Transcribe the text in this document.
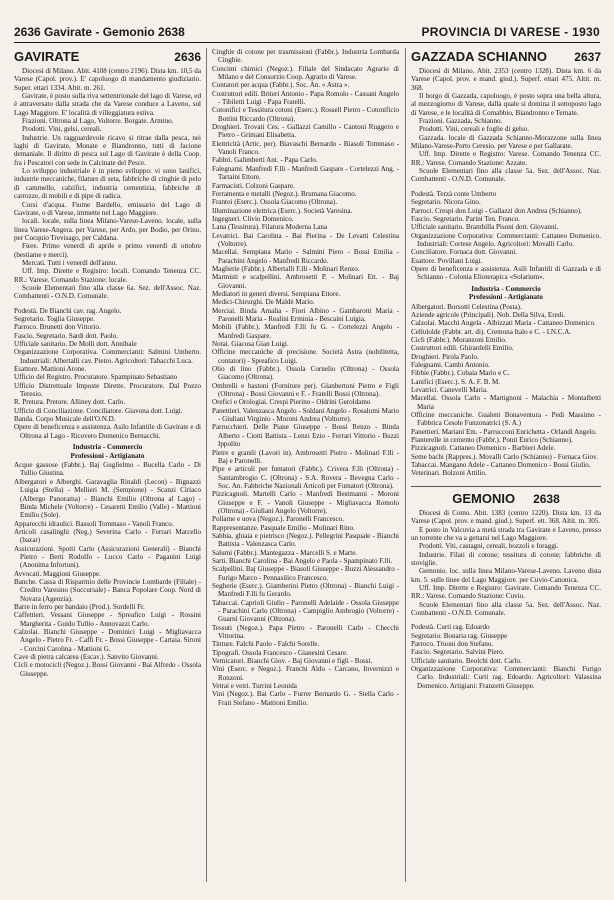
2636 Gavirate - Gemonio 2638	PROVINCIA DI VARESE - 1930
GAVIRATE	2636

Diocesi di Milano. Abit. 4108 (centro 2196). Dista km. 10,5 da Varese (Capol. prov.). E' capoluogo di mandamento giudiziario. Super. ettari 1334. Altit. m. 261.

Gavirate, è posto sulla riva settentrionale del lago di Varese, ed è attraversato dalla strada che da Varese conduce a Laveno, sul Lago Maggiore. E' località di villeggiatura estiva.

Frazioni. Oltrona al Lago, Voltorre. Borgate. Armino.

Prodotti. Vini, gelsi, cereali.

Industrie. Un ragguardevole ricavo si ritrae dalla pesca, nei laghi di Gavirate, Monate e Biandronno, tutti di facione demaniale. Il diritto di pesca sul Lago di Gavirate è della Coop. fra i Pescatori con sede in Calcinate del Pesce.

Lo sviluppo industriale è in pieno sviluppo: vi sono lanifici, industrie meccaniche, filature di seta, fabbriche di cinghie di pelo di cammello, calzifici, industria cementizia, fabbriche di carrozze, di mobili e di pipe di radica.

Corsi d'acqua. Fiume Bardello, emissario del Lago di Gavirate, o di Varese, immette nel Lago Maggiore.

locali. locale, sulla linea Milano-Varese-Laveno. locale, sulla linea Varese-Angera. per Varese, per Ardo, per Bodio, per Orino, per Cocquio Trevisago, per Caldana.

Fiere. Primo venerdì di aprile e primo venerdì di ottobre (bestiame e merci).

Mercati. Tutti i venerdì dell'anno.

Uff. Imp. Dirette e Registro: locali. Comando Tenenza CC. RR.: Varese. Comando Stazione: locale.

Scuole Elementari fino alla classe 6a. Sez. dell'Assoc. Naz. Combattenti - O.N.D. Comunale.

Podestà. De Bianchi cav. rag. Angelo.

Segretario. Toglia Giuseppe.

Parroco. Brunetti don Vittorio.

Fascio. Segretario. Sardi dott. Paolo.

Ufficiale sanitario. De Molli dott. Annibale

Organizzazione Corporativa. Commercianti: Salmini Umberto. Industriali: Albertalli cav. Pietro. Agricoltori: Tabacchi Luca.

Esattore. Mattioni Arone.

Ufficio del Registro. Procuratore. Spampinato Sebastiano

Ufficio Distrettuale Imposte Dirette. Procuratore. Dal Pozzo Teresio.

R. Pretura. Pretore. Alliney dott. Carlo.

Ufficio di Conciliazione. Conciliatore. Giavona dott. Luigi.

Banda. Corpo Musicale dell'O.N.D.

Opere di beneficenza e assistenza. Asilo Infantile di Gavirate e di Oltrona al Lago - Ricovero Domenico Bernacchi.

Industria - Commercio
Professioni - Artigianato

Acque gassose (Fabbr.). Baj Guglielmo - Bucella Carlo - Di Tullio Giustina.

Albergatori e Alberghi. Garavaglia Rinaldi (Lecon) - Bignazzi Luigia (Stella) - Mellieri M. (Sempione) - Scanzi Ciriaco (Albergo Panorama) - Bianchi Emilio (Oltrona al Lago) - Binda Michele (Voltorre) - Cesaretti Emilio (Valle) - Mattioni Emilio (Sole).

Apparecchi idraulici. Bassoli Tommaso - Vanoli Franco.

Articoli casalinghi (Neg.) Severina Carlo - Ferrari Marcello (bazar)

Assicurazioni. Spotti Carlo (Assicurazioni Generali) - Bianchi Pietro - Berti Rodolfo - Lucco Carlo - Paganini Luigi (Anonima Infortuni).

Avvocati. Maggioni Giuseppe.

Banche. Cassa di Risparmio delle Provincie Lombarde (Filiale) - Credito Varesino (Succursale) - Banca Popolare Coop. Nord di Novara (Agenzia).

Barre in ferro per bandaio (Prod.). Sordelli Fr.

Caffettieri. Vessani Giuseppe - Spreafico Luigi - Rossini Margherita - Guido Tullio - Annovazzi Carlo.

Calzolai. Bianchi Giuseppe - Dominici Luigi - Migliavacca Angelo - Pietro Fr. - Caffi Fr. - Bossi Giuseppe - Cartaia. Sironi - Corcini Carolina - Mattioni G.

Cave di pietra calcarea (Escav.). Sanvito Giovanni.

Cicli e motocicli (Negoz.). Bossi Giovanni - Bai Alfredo - Ossola Giuseppe.

Cinghie di cotone per trasmissioni (Fabbr.). Industria Lombarda Cinghie.

Concimi chimici (Negoz.). Filiale del Sindacato Agrario di Milano e del Consorzio Coop. Agrario di Varese.

Contatori per acqua (Fabbr.). Soc. An. « Astra ».

Costruttori edili. Briteri Antonio - Papa Romolo - Cassani Angelo - Tibiletti Luigi - Papa Fratelli.

Cotonifici e Tessitura cotoni (Eserc.). Rossell Pietro - Cotonificio Bottini Riccardo (Oltrona).

Droghieri. Trovati Ces. - Gallazzi Camillo - Cantoni Ruggero e Pietro - Grimani Elisabetta.

Elettricità (Artic. per). Biavaschi Bernardo - Biasoli Tommaso - Vanoli Franco.

Fabbri. Galimberti Ant. - Papa Carlo.

Falegnami. Manfredi F.lli - Manfredi Gaspare - Cortelezzi Ang. - Tartaini Ettore.

Farmacisti. Colzoni Gaspare.

Ferramenta e metalli (Negoz.). Brumana Giacomo.

Frantoi (Eserc.). Ossola Giacomo (Oltrona).

Illuminazione elettrica (Eserc.). Società Varesina.

Ingegneri. Clivio Domenico.

Lana (Tessitura). Filatura Moderna Lana

Levatrici. Bai Carolina - Bai Pierina - De Levatti Celestina (Voltorre).

Macellai. Sempiana Mario - Salmini Piero - Bossi Emilia - Parachini Angelo - Manfredi Riccardo.

Maglierie (Fabbr.). Albertalli F.lli - Molinari Renzo.

Marmisti e scalpellini. Ambrosetti P. - Molinari Ett. - Baj Giovanni.

Mediatori in generi diversi. Sempiana Ettore.

Medici-Chirurghi. De Maldè Mario.

Merciai. Binda Amalia - Fiori Albino - Gambarotti Maria - Paronelli Maria - Realini Erminia - Bescaini Luigia.

Mobili (Fabbr.). Manfredi F.lli fu G. - Cortelezzi Angelo - Manfredi Gaspare.

Notai. Giacosa Gian Luigi.

Officine meccaniche di precisione. Società Astra (nobilitetta, contatori) - Spreafico Luigi.

Olio di lino (Fabbr.). Ossola Cornelio (Oltrona) - Ossola Giacomo (Oltrona).

Ombrelli e bastoni (Forniture per). Gianbertoni Pietro e Figli (Oltrona) - Bossi Giovanni e F. - Fratelli Bossi (Oltrona).

Orefici e Orologiai. Crespi Pierino - Oldrini Geroldamo

Panettieri. Valenzasca Angelo - Soldani Angelo - Rosalumi Mario - Giuliani Virginio - Moroni Andrea (Voltorre).

Parrucchieri. Delle Piane Giuseppe - Bossi Renzo - Binda Alberto - Ciotti Battista - Lenzi Ezio - Ferrari Vittorio - Buzzi Ippolito

Pietre e granili (Lavori in). Ambrosetti Pietro - Molinari F.lli - Baj e Paronelli.

Pipe e articoli per fumatori (Fabbr.). Crivera F.lli (Oltrona) - Santambrogio C. (Oltrona) - S.A. Rovera - Bevegna Carlo - Soc. An. Fabbriche Nazionali Articoli per Fumatori (Oltrona).

Pizzicagnoli. Martelli Carlo - Manfredi Bestmanni - Moroni Giuseppe e F. - Vanoli Giuseppe - Migliavacca Romolo (Oltrona) - Giuliani Angelo (Voltorre).

Pollame e uova (Negoz.). Paronelli Francesco.

Rappresentanze. Pasquale Emilio - Molinari Rino.

Sabbia, ghiaia e pietrisco (Negoz.). Pellegrini Pasquale - Bianchi Battista - Valenzasca Carlo.

Salumi (Fabbr.). Mantegazza - Marcelli S. e Marte.

Sarti. Bianchi Carolina - Bai Angelo e Paola - Spampinato F.lli.

Scalpellini. Baj Giuseppe - Biasoli Giuseppe - Buzzi Alessandro - Furigo Marco - Pennasilico Francesco.

Segherie (Eserc.). Giamberini Pietro (Oltrona) - Bianchi Luigi - Manfredi F.lli fu Gerardo.

Tabaccai. Caprioli Giulio - Paronelli Adelaide - Ossola Giuseppe - Parachini Carlo (Oltrona) - Campiglio Ambrogio (Voltorre) - Guarnì Giovanni (Oltrona).

Tessuti (Negoz.). Papa Pietro - Paronelli Carlo - Checchi Vittorina.

Tinture. Falchi Paolo - Falchi Sorelle.

Tipografi. Ossola Francesco - Gianesini Cesare.

Vernicatori. Bianchi Giov. - Baj Giovanni e figli - Bossi.

Vini (Eserc. e Negoz.). Franchi Aldo - Carcano, Invernizzi e Ronzoni.

Vetrai e vetri. Turrini Leonida

Vini (Negoz.). Bai Carlo - Furrer Bernardo G. - Stella Carlo - Frati Stefano - Mattioni Emilio.

GAZZADA SCHIANNO 2637

Diocesi di Milano. Abit. 2353 (centro 1328). Dista km. 6 da Varese (Capol. prov. e mand. giud.). Superf. ettari 475. Altit. m. 368.

Il borgo di Gazzada, capoluogo, è posto sopra una bella altura, al mezzogiorno di Varese, dalla quale si domina il sottoposto lago di Varese, e le località di Comabbio, Biandronno e Ternate.

Frazioni. Gazzada, Schianno.

Prodotti. Vini, cereali e foglie di gelso.

Gazzada. locale di Gazzada Schianno-Morazzone sulla linea Milano-Varese-Porto Ceresio. per Varese e per Gallarate.

Uff. Imp. Dirette e Registro: Varese. Comando Tenenza CC. RR.: Varese. Comando Stazione: Azzate.

Scuole Elementari fino alla classe 5a. Sez. dell'Assoc. Naz. Combattenti - O.N.D. Comunale.

Podestà. Terzà conte Umberto

Segretario. Nicora Gino.

Parroci. Crespi don Luigi - Gallazzi don Andrea (Schianno).

Fascio. Segretario. Parini Ten. Franco.

Ufficiale sanitario. Brambilla Pisoni dott. Giovanni.

Organizzazione Corporativa: Commercianti: Cattaneo Domenico. Industriali: Cortese Angelo. Agricoltori: Movalli Carlo.

Conciliatore. Fornaca dott. Giovanni.

Esattore. Povillani Luigi.

Opere di beneficenza e assistenza. Asili Infantili di Gazzada e di Schianno - Colonia Elioterapica «Solarium».

Industria - Commercio
Professioni - Artigianato

Albergatori. Borsotti Celestina (Posta).

Aziende agricole (Principali). Nob. Della Silva, Eredi.

Calzolai. Macchi Angela - Albizzati Maria - Cattaneo Domenico.

Cellulolde (Fabbr. art. di). Cremona Italo e C. - I.N.C.A.

Cicli (Fabbr.). Moranzoni Emilio.

Costruttori edili. Ghirardelli Emilio.

Droghieri. Pirola Paolo.

Falegnami. Cambi Antonio.

Fibbie (Fabbr.). Cobaia Mario e C.

Lanifici (Eserc.). S. A. F. B. M.

Levatrici. Canevelli Maria.

Macellai. Ossola Carlo - Martignoni - Malachia - Montalbetti Maria

Officine meccaniche. Gualeni Bonaventura - Pedi Massimo - Fabbrica Cesole Funzonatrici (S. A.)

Panettieri. Mariani Em. - Parrucconi Enrichetta - Orlandi Angelo.

Pianterelle in cemento (Fabbr.). Ponti Enrico (Schianno).

Pizzicagnoli. Cattaneo Domenico - Barbieri Adele.

Seme bachi (Rappres.). Movalli Carlo (Schianno) - Fornaca Giov.

Tabaccai. Mangano Adele - Cattaneo Domenico - Bossi Giulio.

Veterinari. Bolzoni Attilio.

GEMONIO 2638

Diocesi di Como. Abit. 1383 (centro 1220). Dista km. 13 da Varese (Capol. prov. e mand. giud.). Superf. ett. 368. Altit. m. 305.

E posto in Valcuvia a metà strada tra Gavirate e Laveno, presso un torrente che va a gettarsi nel Lago Maggiore.

Prodotti. Viti, castagni, cereali, bozzoli e foraggi.

Industrie. Filati di cotone; tessitura di cotone; fabbriche di stoviglie.

Gemonio. loc. sulla linea Milano-Varese-Laveno. Laveno dista km. 5. sulle linee del Lago Maggiore. per Cuvio-Canonica.

Uff. Imp. Dirette e Registro: Gavirate. Comando Tenenza CC. RR.: Varese. Comando Stazione: Cuvio.

Scuole Elementari fino alla classe 5a. Sez. dell'Assoc. Naz. Combattenti - O.N.D. Comunale.

Podestà. Curti rag. Edoardo

Segretario. Bonaria rag. Giuseppe

Parroco. Truoni don Stefano.

Fascio. Segretario. Salvini Piero.

Ufficiale sanitario. Beolchi dott. Carlo.

Organizzazione Corporativa: Commercianti: Bianchi Furigo Carlo. Industriali: Curti rag. Edoardo. Agricoltori: Valassina Domenico. Artigiani: Franzetti Giuseppe.
